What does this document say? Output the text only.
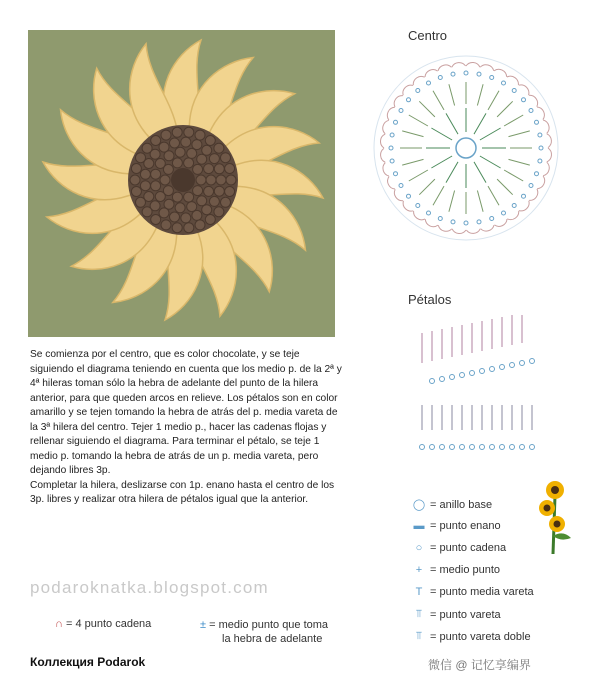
Centro
Pétalos

Se comienza por el centro, que es color chocolate, y se teje siguiendo el diagrama teniendo en cuenta que los medio p. de la 2ª y 4ª hileras toman sólo la hebra de adelante del punto de la hilera anterior, para que queden arcos en relieve. Los pétalos son en color amarillo y se tejen tomando la hebra de atrás del p. media vareta de la 3ª hilera del centro. Tejer 1 medio p., hacer las cadenas flojas y rellenar siguiendo el diagrama. Para terminar el pétalo, se teje 1 medio p. tomando la hebra de atrás de un p. media vareta, pero dejando libres 3p.

Completar la hilera, deslizarse con 1p. enano hasta el centro de los 3p. libres y realizar otra hilera de pétalos igual que la anterior.

podaroknatka.blogspot.com
◯ = anillo base
▬ = punto enano
○ = punto cadena
+ = medio punto
T = punto media vareta
⫪ = punto vareta
⫪ = punto vareta doble
∩ = 4 punto cadena	± = medio punto que toma
la hebra de adelante
Коллекция Podarok	微信 @ 记忆享编界
